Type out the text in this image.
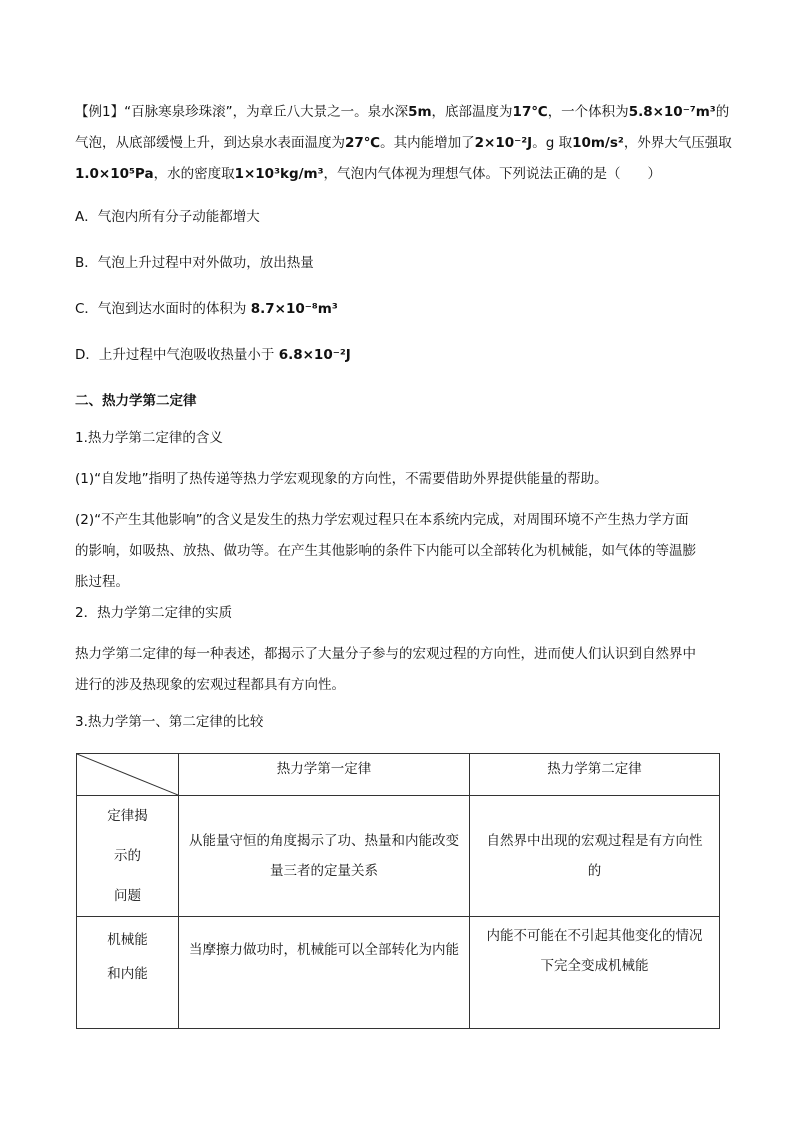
【例1】“百脉寒泉珍珠滚”，为章丘八大景之一。泉水深5m，底部温度为17℃，一个体积为5.8×10⁻⁷m³的
气泡，从底部缓慢上升，到达泉水表面温度为27℃。其内能增加了2×10⁻²J。g 取10m/s²，外界大气压强取
1.0×10⁵Pa，水的密度取1×10³kg/m³，气泡内气体视为理想气体。下列说法正确的是（　　）
A．气泡内所有分子动能都增大
B．气泡上升过程中对外做功，放出热量
C．气泡到达水面时的体积为 8.7×10⁻⁸m³
D．上升过程中气泡吸收热量小于 6.8×10⁻²J
二、热力学第二定律
1.热力学第二定律的含义
(1)“自发地”指明了热传递等热力学宏观现象的方向性，不需要借助外界提供能量的帮助。
(2)“不产生其他影响”的含义是发生的热力学宏观过程只在本系统内完成，对周围环境不产生热力学方面
的影响，如吸热、放热、做功等。在产生其他影响的条件下内能可以全部转化为机械能，如气体的等温膨
胀过程。
2．热力学第二定律的实质
热力学第二定律的每一种表述，都揭示了大量分子参与的宏观过程的方向性，进而使人们认识到自然界中
进行的涉及热现象的宏观过程都具有方向性。
3.热力学第一、第二定律的比较
	热力学第一定律	热力学第二定律

定律揭
示的
问题	从能量守恒的角度揭示了功、热量和内能改变
量三者的定量关系	自然界中出现的宏观过程是有方向性
的

机械能
和内能	当摩擦力做功时，机械能可以全部转化为内能	内能不可能在不引起其他变化的情况
下完全变成机械能
